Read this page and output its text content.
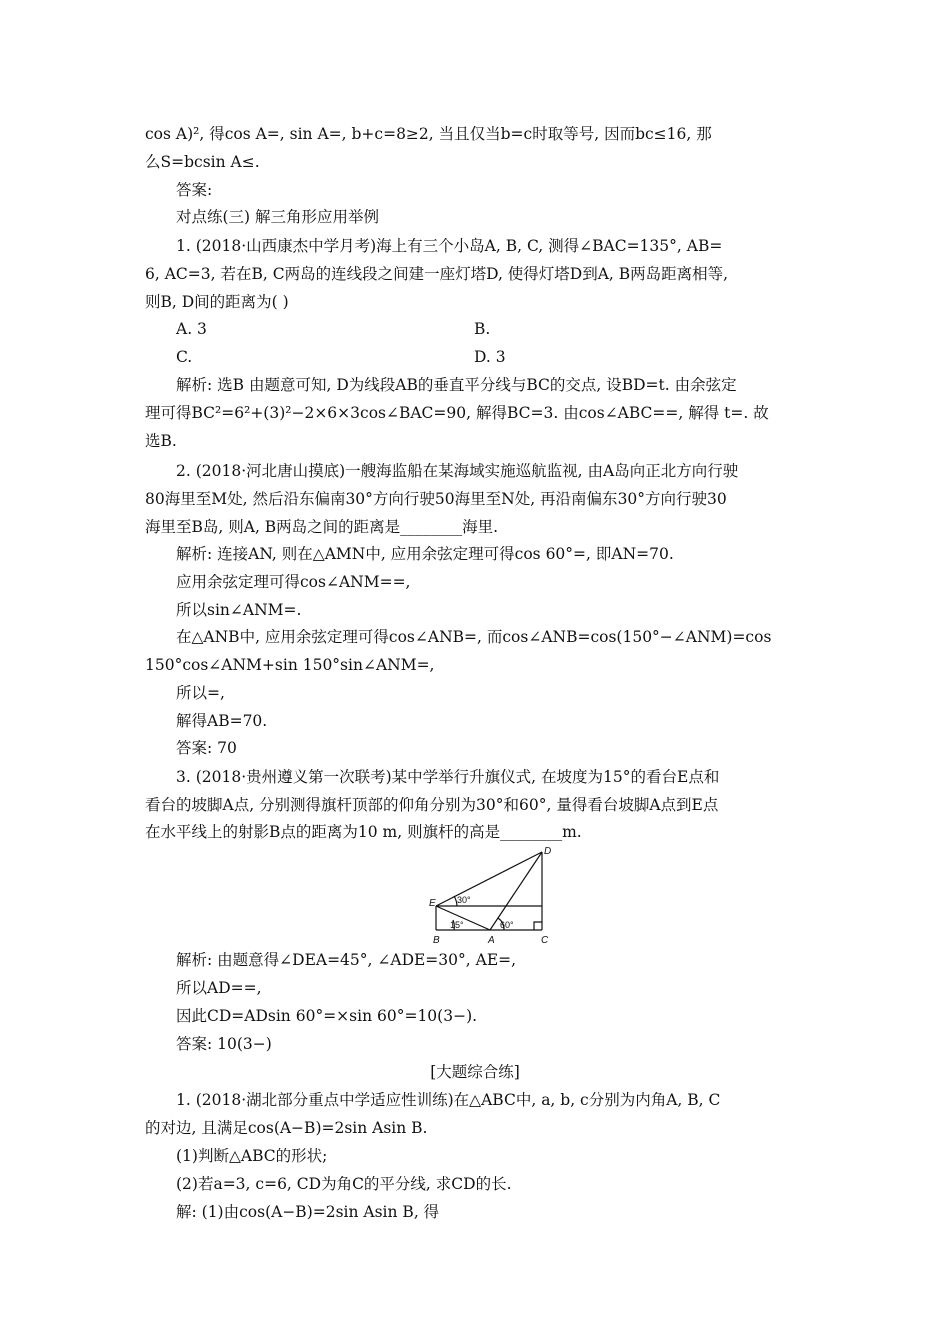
cos A)², 得cos A=, sin A=, b+c=8≥2, 当且仅当b=c时取等号, 因而bc≤16, 那
么S=bcsin A≤.
答案:
对点练(三) 解三角形应用举例
1. (2018·山西康杰中学月考)海上有三个小岛A, B, C, 测得∠BAC=135°, AB=
6, AC=3, 若在B, C两岛的连线段之间建一座灯塔D, 使得灯塔D到A, B两岛距离相等,
则B, D间的距离为( )
A. 3	B.
C.	D. 3
解析: 选B 由题意可知, D为线段AB的垂直平分线与BC的交点, 设BD=t. 由余弦定
理可得BC²=6²+(3)²−2×6×3cos∠BAC=90, 解得BC=3. 由cos∠ABC==, 解得 t=. 故
选B.
2. (2018·河北唐山摸底)一艘海监船在某海域实施巡航监视, 由A岛向正北方向行驶
80海里至M处, 然后沿东偏南30°方向行驶50海里至N处, 再沿南偏东30°方向行驶30
海里至B岛, 则A, B两岛之间的距离是________海里.
解析: 连接AN, 则在△AMN中, 应用余弦定理可得cos 60°=, 即AN=70.
应用余弦定理可得cos∠ANM==,
所以sin∠ANM=.
在△ANB中, 应用余弦定理可得cos∠ANB=, 而cos∠ANB=cos(150°−∠ANM)=cos
150°cos∠ANM+sin 150°sin∠ANM=,
所以=,
解得AB=70.
答案: 70
3. (2018·贵州遵义第一次联考)某中学举行升旗仪式, 在坡度为15°的看台E点和
看台的坡脚A点, 分别测得旗杆顶部的仰角分别为30°和60°, 量得看台坡脚A点到E点
在水平线上的射影B点的距离为10 m, 则旗杆的高是________m.
D
E
B	A	C
30°
15°	60°
解析: 由题意得∠DEA=45°, ∠ADE=30°, AE=,
所以AD==,
因此CD=ADsin 60°=×sin 60°=10(3−).
答案: 10(3−)
[大题综合练]
1. (2018·湖北部分重点中学适应性训练)在△ABC中, a, b, c分别为内角A, B, C
的对边, 且满足cos(A−B)=2sin Asin B.
(1)判断△ABC的形状;
(2)若a=3, c=6, CD为角C的平分线, 求CD的长.
解: (1)由cos(A−B)=2sin Asin B, 得
